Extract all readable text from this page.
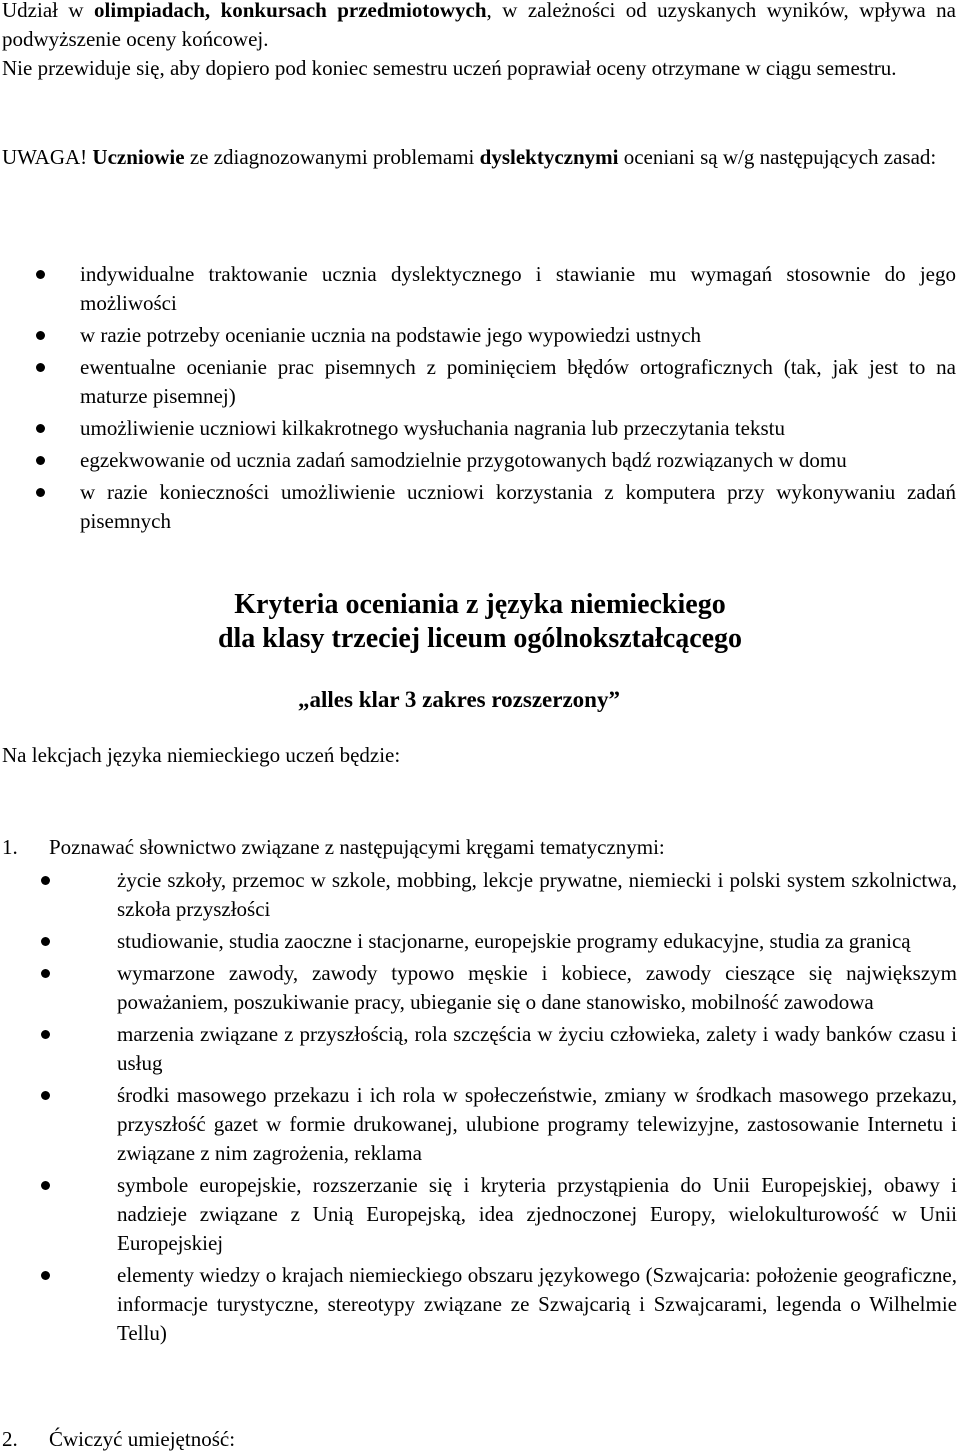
Udział w olimpiadach, konkursach przedmiotowych, w zależności od uzyskanych wyników, wpływa na podwyższenie oceny końcowej.

Nie przewiduje się, aby dopiero pod koniec semestru uczeń poprawiał oceny otrzymane w ciągu semestru.

UWAGA! Uczniowie ze zdiagnozowanymi problemami dyslektycznymi oceniani są w/g następujących zasad:

indywidualne traktowanie ucznia dyslektycznego i stawianie mu wymagań stosownie do jego możliwości
w razie potrzeby ocenianie ucznia na podstawie jego wypowiedzi ustnych
ewentualne ocenianie prac pisemnych z pominięciem błędów ortograficznych (tak, jak jest to na maturze pisemnej)
umożliwienie uczniowi kilkakrotnego wysłuchania nagrania lub przeczytania tekstu
egzekwowanie od ucznia zadań samodzielnie przygotowanych bądź rozwiązanych w domu
w razie konieczności umożliwienie uczniowi korzystania z komputera przy wykonywaniu zadań pisemnych
Kryteria oceniania z języka niemieckiego
dla klasy trzeciej liceum ogólnokształcącego
„alles klar 3 zakres rozszerzony”

Na lekcjach języka niemieckiego uczeń będzie:

1. Poznawać słownictwo związane z następującymi kręgami tematycznymi:
życie szkoły, przemoc w szkole, mobbing, lekcje prywatne, niemiecki i polski system szkolnictwa, szkoła przyszłości
studiowanie, studia zaoczne i stacjonarne, europejskie programy edukacyjne, studia za granicą
wymarzone zawody, zawody typowo męskie i kobiece, zawody cieszące się największym poważaniem, poszukiwanie pracy, ubieganie się o dane stanowisko, mobilność zawodowa
marzenia związane z przyszłością, rola szczęścia w życiu człowieka, zalety i wady banków czasu i usług
środki masowego przekazu i ich rola w społeczeństwie, zmiany w środkach masowego przekazu, przyszłość gazet w formie drukowanej, ulubione programy telewizyjne, zastosowanie Internetu i związane z nim zagrożenia, reklama
symbole europejskie, rozszerzanie się i kryteria przystąpienia do Unii Europejskiej, obawy i nadzieje związane z Unią Europejską, idea zjednoczonej Europy, wielokulturowość w Unii Europejskiej
elementy wiedzy o krajach niemieckiego obszaru językowego (Szwajcaria: położenie geograficzne, informacje turystyczne, stereotypy związane ze Szwajcarią i Szwajcarami, legenda o Wilhelmie Tellu)
2. Ćwiczyć umiejętność:
